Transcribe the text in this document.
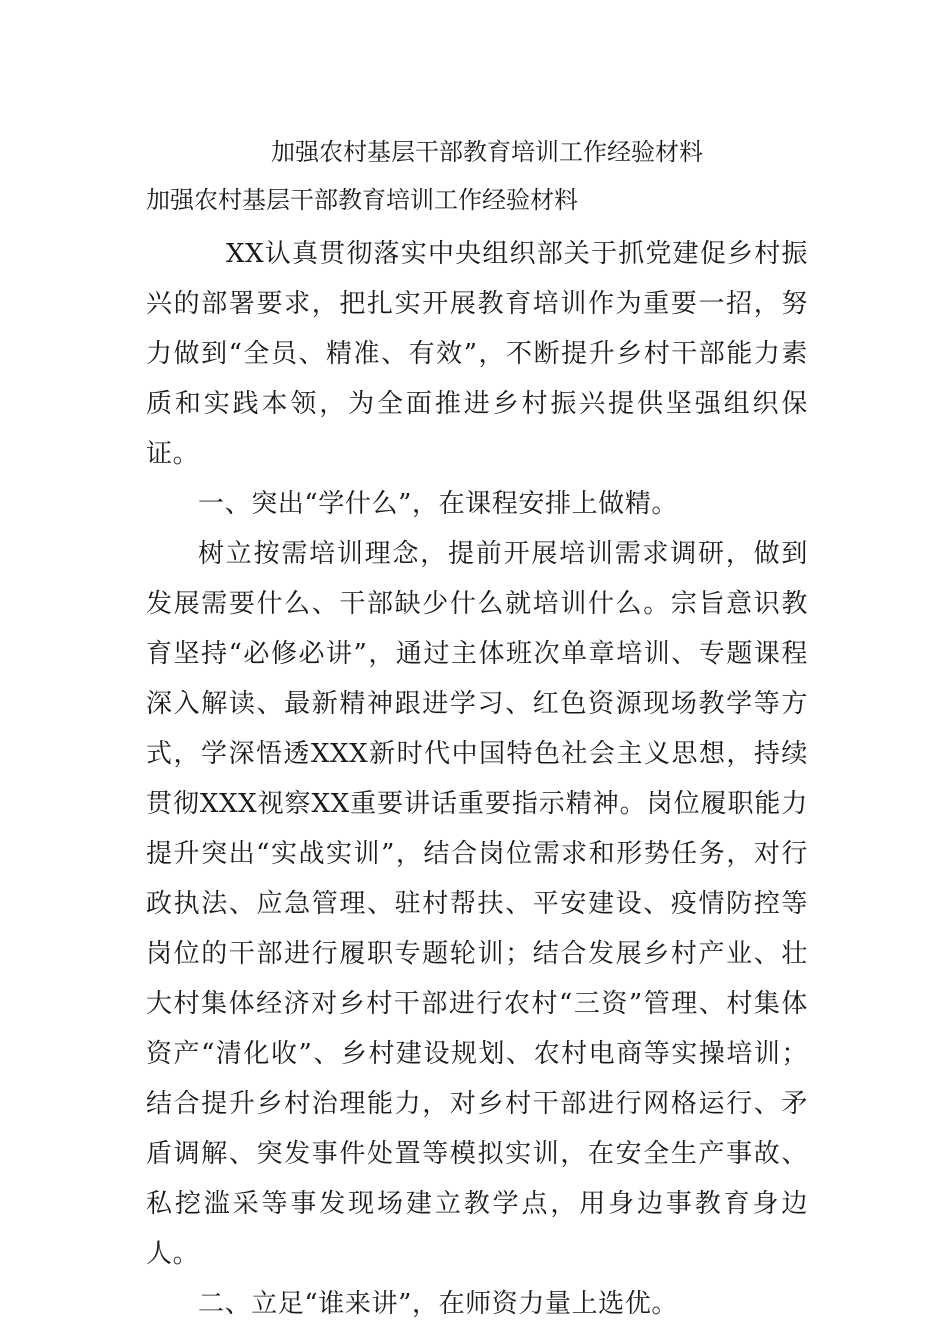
加强农村基层干部教育培训工作经验材料
加强农村基层干部教育培训工作经验材料

XX认真贯彻落实中央组织部关于抓党建促乡村振兴的部署要求，把扎实开展教育培训作为重要一招，努力做到“全员、精准、有效”，不断提升乡村干部能力素质和实践本领，为全面推进乡村振兴提供坚强组织保证。

一、突出“学什么”，在课程安排上做精。

树立按需培训理念，提前开展培训需求调研，做到发展需要什么、干部缺少什么就培训什么。宗旨意识教育坚持“必修必讲”，通过主体班次单章培训、专题课程深入解读、最新精神跟进学习、红色资源现场教学等方式，学深悟透XXX新时代中国特色社会主义思想，持续贯彻XXX视察XX重要讲话重要指示精神。岗位履职能力提升突出“实战实训”，结合岗位需求和形势任务，对行政执法、应急管理、驻村帮扶、平安建设、疫情防控等岗位的干部进行履职专题轮训；结合发展乡村产业、壮大村集体经济对乡村干部进行农村“三资”管理、村集体资产“清化收”、乡村建设规划、农村电商等实操培训；结合提升乡村治理能力，对乡村干部进行网格运行、矛盾调解、突发事件处置等模拟实训，在安全生产事故、私挖滥采等事发现场建立教学点，用身边事教育身边人。

二、立足“谁来讲”，在师资力量上选优。
